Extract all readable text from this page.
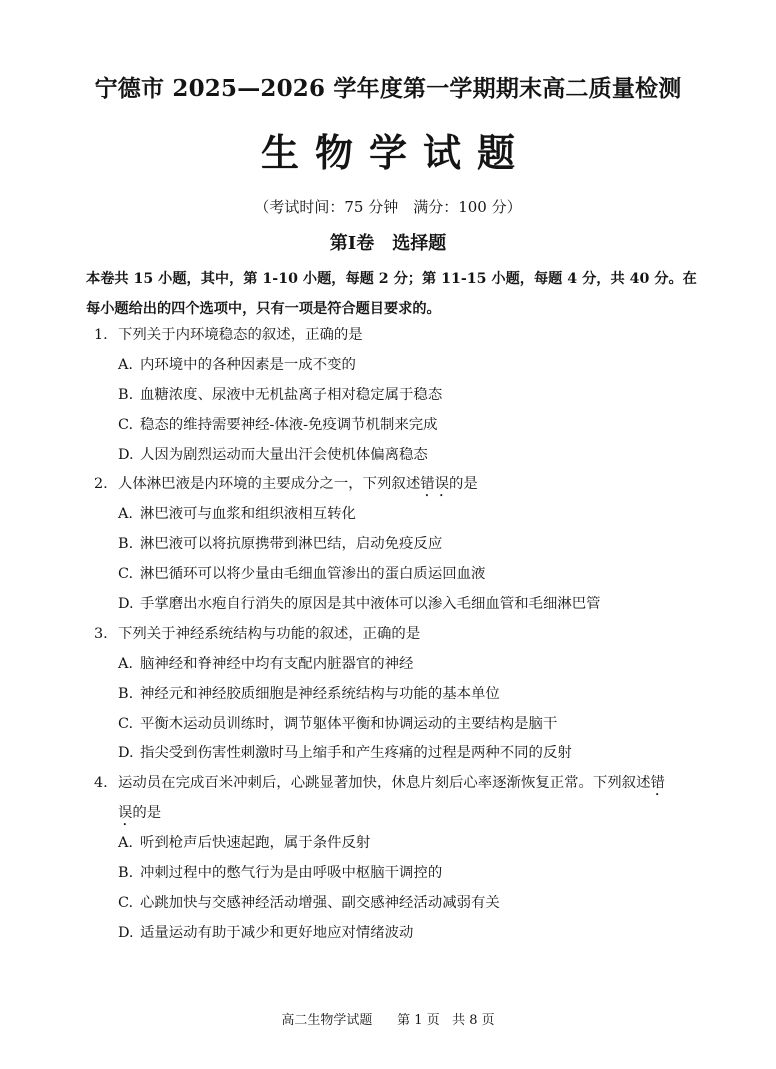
宁德市 2025—2026 学年度第一学期期末高二质量检测
生物学试题
（考试时间：75 分钟　满分：100 分）
第Ⅰ卷　选择题
本卷共 15 小题，其中，第 1-10 小题，每题 2 分；第 11-15 小题，每题 4 分，共 40 分。在每小题给出的四个选项中，只有一项是符合题目要求的。
1. 下列关于内环境稳态的叙述，正确的是
A. 内环境中的各种因素是一成不变的
B. 血糖浓度、尿液中无机盐离子相对稳定属于稳态
C. 稳态的维持需要神经-体液-免疫调节机制来完成
D. 人因为剧烈运动而大量出汗会使机体偏离稳态
2. 人体淋巴液是内环境的主要成分之一，下列叙述错误的是
A. 淋巴液可与血浆和组织液相互转化
B. 淋巴液可以将抗原携带到淋巴结，启动免疫反应
C. 淋巴循环可以将少量由毛细血管渗出的蛋白质运回血液
D. 手掌磨出水疱自行消失的原因是其中液体可以渗入毛细血管和毛细淋巴管
3. 下列关于神经系统结构与功能的叙述，正确的是
A. 脑神经和脊神经中均有支配内脏器官的神经
B. 神经元和神经胶质细胞是神经系统结构与功能的基本单位
C. 平衡木运动员训练时，调节躯体平衡和协调运动的主要结构是脑干
D. 指尖受到伤害性刺激时马上缩手和产生疼痛的过程是两种不同的反射
4. 运动员在完成百米冲刺后，心跳显著加快，休息片刻后心率逐渐恢复正常。下列叙述错
误的是
A. 听到枪声后快速起跑，属于条件反射
B. 冲刺过程中的憋气行为是由呼吸中枢脑干调控的
C. 心跳加快与交感神经活动增强、副交感神经活动减弱有关
D. 适量运动有助于减少和更好地应对情绪波动
高二生物学试题 第 1 页 共 8 页
